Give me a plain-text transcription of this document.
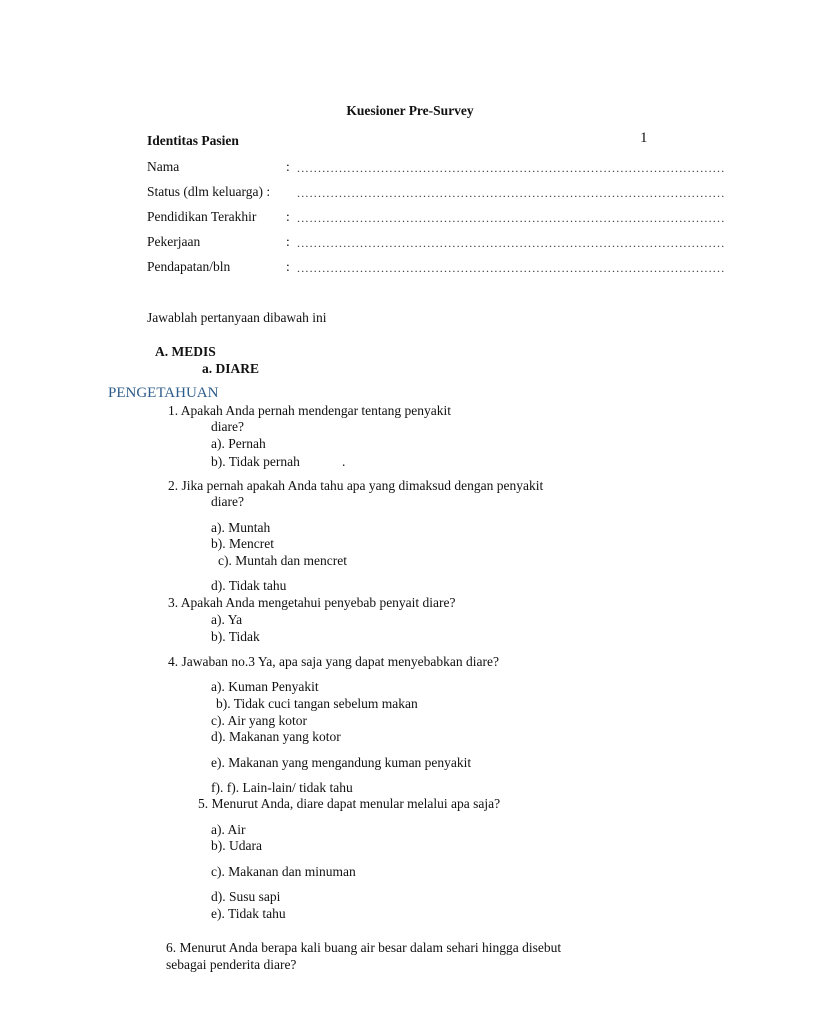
Kuesioner Pre-Survey
1
Identitas Pasien
Nama	: ......................................................................................................
Status (dlm keluarga) : ......................................................................................................
Pendidikan Terakhir : ......................................................................................................
Pekerjaan	: ......................................................................................................
Pendapatan/bln	: ......................................................................................................
Jawablah pertanyaan dibawah ini
A. MEDIS
a. DIARE
PENGETAHUAN
1. Apakah Anda pernah mendengar tentang penyakit
diare?
a). Pernah
b). Tidak pernah	.
2. Jika pernah apakah Anda tahu apa yang dimaksud dengan penyakit
diare?
a). Muntah
b). Mencret
c). Muntah dan mencret
d). Tidak tahu
3. Apakah Anda mengetahui penyebab penyait diare?
a). Ya
b). Tidak
4. Jawaban no.3 Ya, apa saja yang dapat menyebabkan diare?
a). Kuman Penyakit
b). Tidak cuci tangan sebelum makan
c). Air yang kotor
d). Makanan yang kotor
e). Makanan yang mengandung kuman penyakit
f). f). Lain-lain/ tidak tahu
5. Menurut Anda, diare dapat menular melalui apa saja?
a). Air
b). Udara
c). Makanan dan minuman
d). Susu sapi
e). Tidak tahu
6. Menurut Anda berapa kali buang air besar dalam sehari hingga disebut
sebagai penderita diare?
